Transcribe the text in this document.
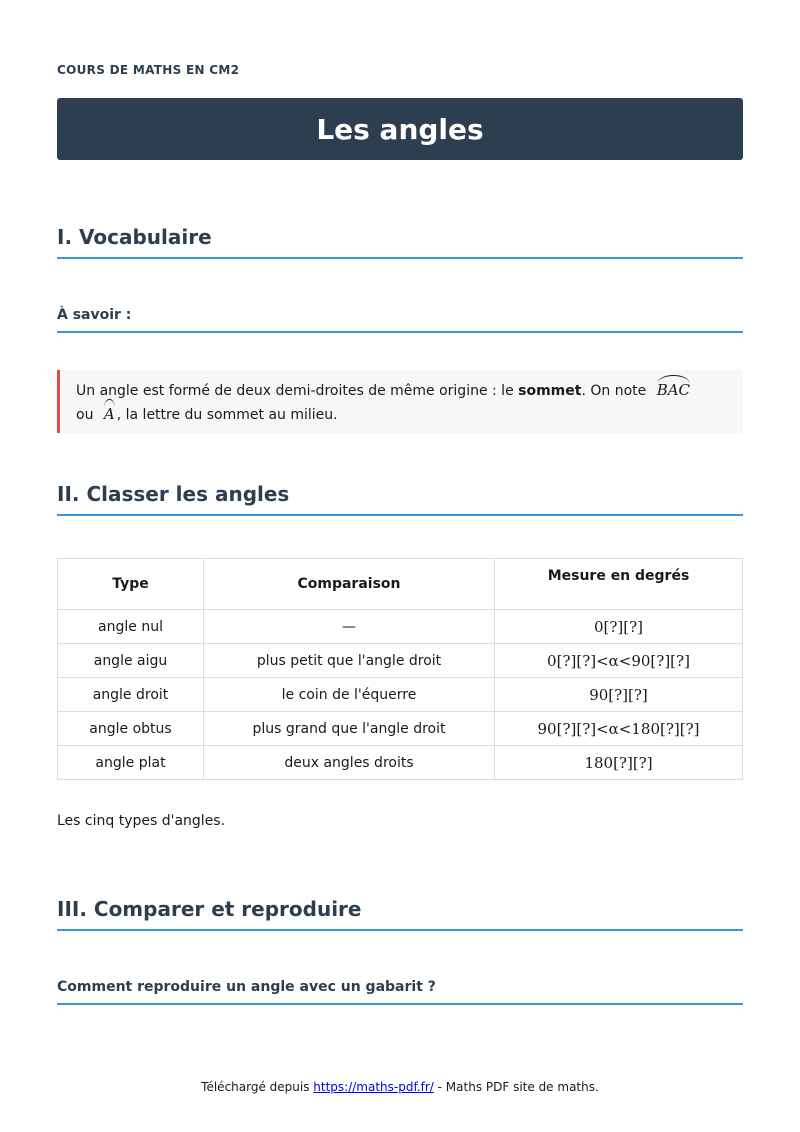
COURS DE MATHS EN CM2
Les angles
I. Vocabulaire
À savoir :
Un angle est formé de deux demi-droites de même origine : le sommet. On note BAC
ou A , la lettre du sommet au milieu.
II. Classer les angles
Type	Comparaison	Mesure en degrés
angle nul	—	0[?][?]
angle aigu	plus petit que l'angle droit	0[?][?]<α<90[?][?]
angle droit	le coin de l'équerre	90[?][?]
angle obtus	plus grand que l'angle droit	90[?][?]<α<180[?][?]
angle plat	deux angles droits	180[?][?]
Les cinq types d'angles.
III. Comparer et reproduire
Comment reproduire un angle avec un gabarit ?
Téléchargé depuis https://maths-pdf.fr/ - Maths PDF site de maths.
